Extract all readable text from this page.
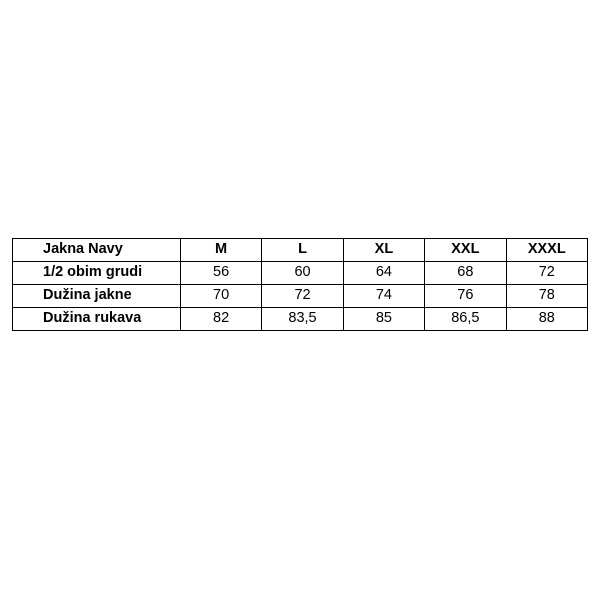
Jakna Navy	M	L	XL	XXL	XXXL
1/2 obim grudi	56	60	64	68	72
Dužina jakne	70	72	74	76	78
Dužina rukava	82	83,5	85	86,5	88
